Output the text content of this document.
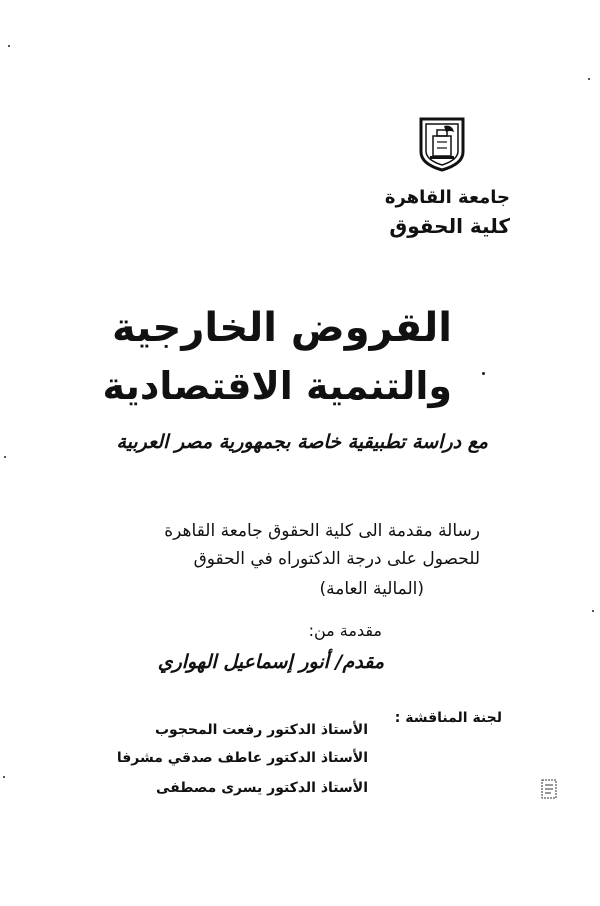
جامعة القاهرة
كلية الحقوق
القروض الخارجية
والتنمية الاقتصادية
مع دراسة تطبيقية خاصة بجمهورية مصر العربية
رسالة مقدمة الى كلية الحقوق جامعة القاهرة
للحصول على درجة الدكتوراه في الحقوق
(المالية العامة)
مقدمة من:
مقدم/ أنور إسماعيل الهواري
لجنة المناقشة :
الأستاذ الدكتور رفعت المحجوب
الأستاذ الدكتور عاطف صدقي مشرفا
الأستاذ الدكتور يسرى مصطفى
